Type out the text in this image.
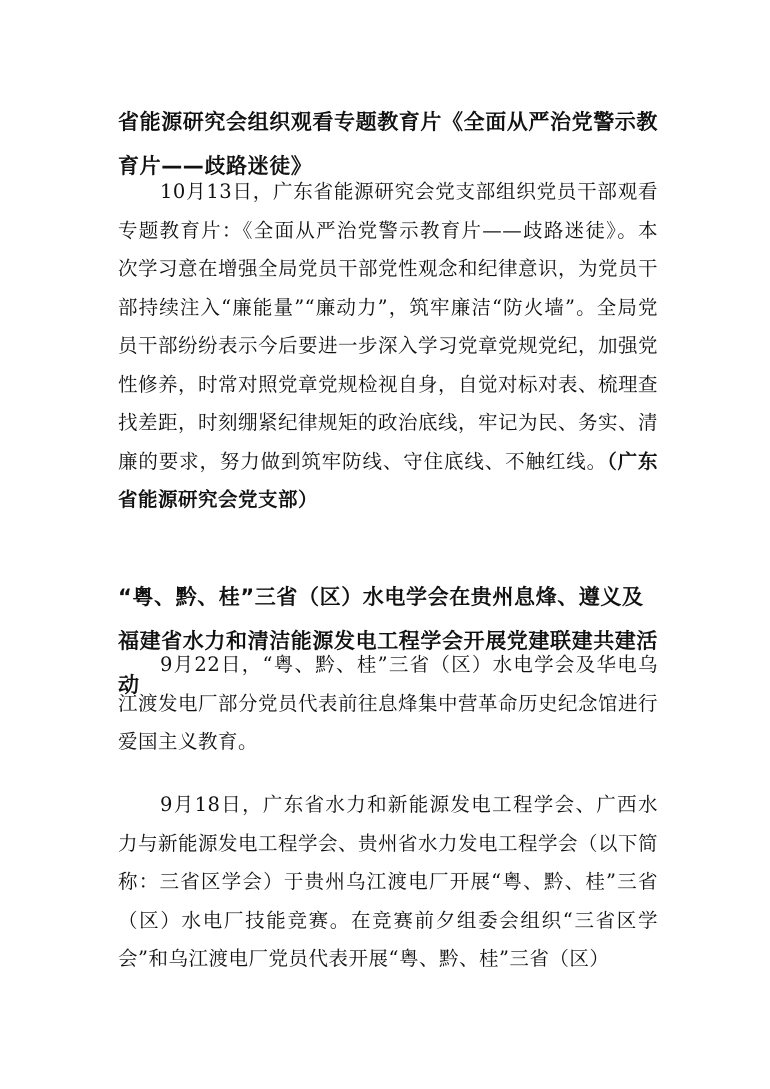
省能源研究会组织观看专题教育片《全面从严治党警示教育片——歧路迷徒》

10月13日，广东省能源研究会党支部组织党员干部观看专题教育片：《全面从严治党警示教育片——歧路迷徒》。本次学习意在增强全局党员干部党性观念和纪律意识，为党员干部持续注入“廉能量”“廉动力”，筑牢廉洁“防火墙”。全局党员干部纷纷表示今后要进一步深入学习党章党规党纪，加强党性修养，时常对照党章党规检视自身，自觉对标对表、梳理查找差距，时刻绷紧纪律规矩的政治底线，牢记为民、务实、清廉的要求，努力做到筑牢防线、守住底线、不触红线。（广东省能源研究会党支部）

“粤、黔、桂”三省（区）水电学会在贵州息烽、遵义及福建省水力和清洁能源发电工程学会开展党建联建共建活动

9月22日，“粤、黔、桂”三省（区）水电学会及华电乌江渡发电厂部分党员代表前往息烽集中营革命历史纪念馆进行爱国主义教育。

9月18日，广东省水力和新能源发电工程学会、广西水力与新能源发电工程学会、贵州省水力发电工程学会（以下简称：三省区学会）于贵州乌江渡电厂开展“粤、黔、桂”三省（区）水电厂技能竞赛。在竞赛前夕组委会组织“三省区学会”和乌江渡电厂党员代表开展“粤、黔、桂”三省（区）
